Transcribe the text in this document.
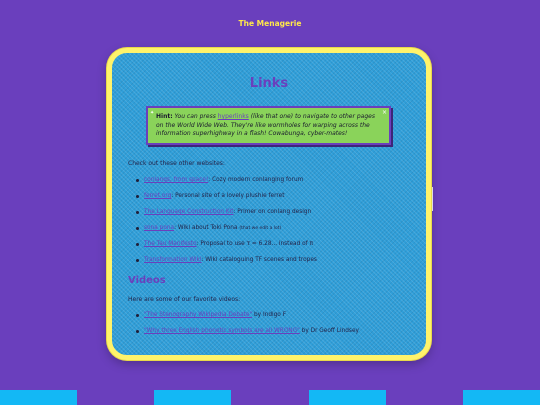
The Menagerie
Links
✦	×
Hint: You can press hyperlinks (like that one) to navigate to other pages on the World Wide Web. They're like wormholes for warping across the information superhighway in a flash! Cowabunga, cyber-mates!
Check out these other websites:
conlangs, from space!: Cozy modern conlanging forum
ferret.org: Personal site of a lovely plushie ferret
The Language Construction Kit: Primer on conlang design
sona pona: Wiki about Toki Pona (that we edit a lot)
The Tau Manifesto: Proposal to use τ = 6.28... instead of π
Transformation Wiki: Wiki cataloguing TF scenes and tropes
Videos
Here are some of our favorite videos:
"The Stenography Wikipedia Debate" by Indigo F
"Why three English phonetic symbols are all WRONG" by Dr Geoff Lindsey
